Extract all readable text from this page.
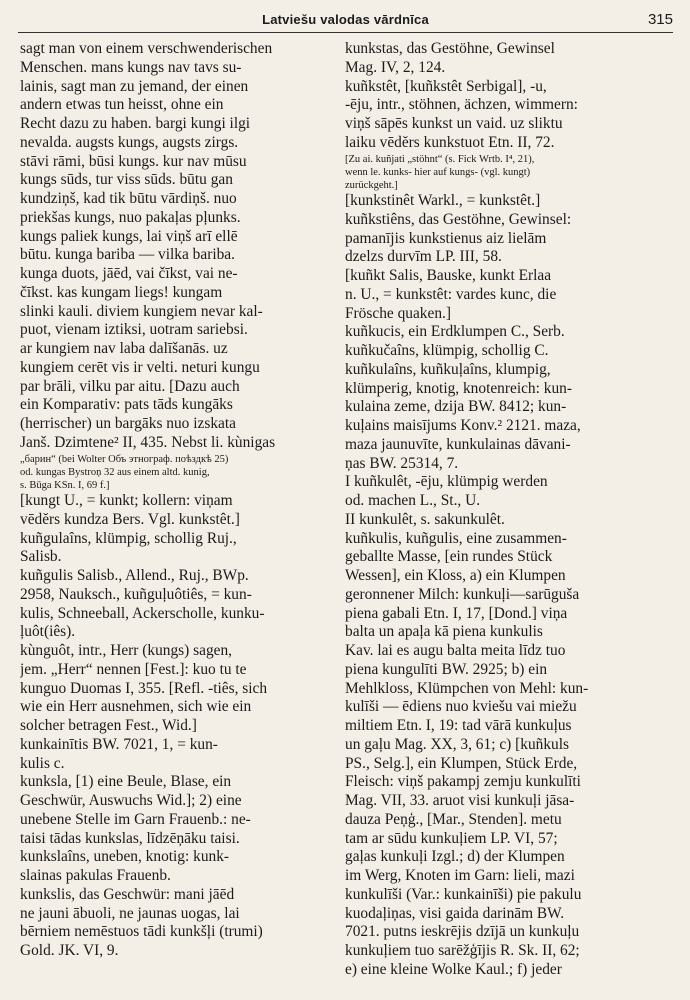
Latviešu valodas vārdnīca	315
sagt man von einem verschwenderischen
Menschen. mans kungs nav tavs su-
lainis, sagt man zu jemand, der einen
andern etwas tun heisst, ohne ein
Recht dazu zu haben. bargi kungi ilgi
nevalda. augsts kungs, augsts zirgs.
stāvi rāmi, būsi kungs. kur nav mūsu
kungs sūds, tur viss sūds. būtu gan
kundziņš, kad tik būtu vārdiņš. nuo
priekšas kungs, nuo pakaļas pļunks.
kungs paliek kungs, lai viņš arī ellē
būtu. kunga bariba — vilka bariba.
kunga duots, jāēd, vai čīkst, vai ne-
čīkst. kas kungam liegs! kungam
slinki kauli. diviem kungiem nevar kal-
puot, vienam iztiksi, uotram sariebsi.
ar kungiem nav laba dalīšanās. uz
kungiem cerēt vis ir velti. neturi kungu
par brāli, vilku par aitu. [Dazu auch
ein Komparativ: pats tāds kungāks
(herrischer) un bargāks nuo izskata
Janš. Dzimtene² II, 435. Nebst li. kùnigas
„барин“ (bei Wolter Объ этнограф. поѣздкѣ 25)
od. kungas Bystroņ 32 aus einem altd. kunig,
s. Būga KSn. I, 69 f.]
[kungt U., = kunkt; kollern: viņam
vēdĕrs kundza Bers. Vgl. kunkstêt.]
kuñgulaîns, klümpig, schollig Ruj.,
Salisb.
kuñgulis Salisb., Allend., Ruj., BWp.
2958, Nauksch., kuñguļuôtiês, = kun-
kulis, Schneeball, Ackerscholle, kunku-
ļuôt(iês).
kùnguôt, intr., Herr (kungs) sagen,
jem. „Herr“ nennen [Fest.]: kuo tu te
kunguo Duomas I, 355. [Refl. -tiês, sich
wie ein Herr ausnehmen, sich wie ein
solcher betragen Fest., Wid.]
kunkainītis BW. 7021, 1, = kun-
kulis c.
kunksla, [1) eine Beule, Blase, ein
Geschwür, Auswuchs Wid.]; 2) eine
unebene Stelle im Garn Frauenb.: ne-
taisi tādas kunkslas, līdzēņāku taisi.
kunkslaîns, uneben, knotig: kunk-
slainas pakulas Frauenb.
kunkslis, das Geschwür: mani jāēd
ne jauni ābuoli, ne jaunas uogas, lai
bērniem nemēstuos tādi kunkšļi (trumi)
Gold. JK. VI, 9.
kunkstas, das Gestöhne, Gewinsel
Mag. IV, 2, 124.
kuñkstêt, [kuñkstêt Serbigal], -u,
-ēju, intr., stöhnen, ächzen, wimmern:
viņš sāpēs kunkst un vaid. uz sliktu
laiku vēdĕrs kunkstuot Etn. II, 72.
[Zu ai. kuñjati „stöhnt“ (s. Fick Wrtb. I⁴, 21),
wenn le. kunks- hier auf kungs- (vgl. kungt)
zurückgeht.]
[kunkstinêt Warkl., = kunkstêt.]
kuñkstiêns, das Gestöhne, Gewinsel:
pamanījis kunkstienus aiz lielām
dzelzs durvīm LP. III, 58.
[kuñkt Salis, Bauske, kunkt Erlaa
n. U., = kunkstêt: vardes kunc, die
Frösche quaken.]
kuñkucis, ein Erdklumpen C., Serb.
kuñkučaîns, klümpig, schollig C.
kuñkulaîns, kuñkuļaîns, klumpig,
klümperig, knotig, knotenreich: kun-
kulaina zeme, dzija BW. 8412; kun-
kuļains maisījums Konv.² 2121. maza,
maza jaunuvīte, kunkulainas dāvani-
ņas BW. 25314, 7.
I kuñkulêt, -ēju, klümpig werden
od. machen L., St., U.
II kunkulêt, s. sakunkulêt.
kuñkulis, kuñgulis, eine zusammen-
geballte Masse, [ein rundes Stück
Wessen], ein Kloss, a) ein Klumpen
geronnener Milch: kunkuļi—sarūguša
piena gabali Etn. I, 17, [Dond.] viņa
balta un apaļa kā piena kunkulis
Kav. lai es augu balta meita līdz tuo
piena kungulīti BW. 2925; b) ein
Mehlkloss, Klümpchen von Mehl: kun-
kulīši — ēdiens nuo kviešu vai miežu
miltiem Etn. I, 19: tad vārā kunkuļus
un gaļu Mag. XX, 3, 61; c) [kuñkuls
PS., Selg.], ein Klumpen, Stück Erde,
Fleisch: viņš pakampj zemju kunkulīti
Mag. VII, 33. aruot visi kunkuļi jāsa-
dauza Peņģ., [Mar., Stenden]. metu
tam ar sūdu kunkuļiem LP. VI, 57;
gaļas kunkuļi Izgl.; d) der Klumpen
im Werg, Knoten im Garn: lieli, mazi
kunkulīši (Var.: kunkainīši) pie pakulu
kuodaļiņas, visi gaida darinām BW.
7021. putns ieskrējis dzījā un kunkuļu
kunkuļiem tuo sarēžģījis R. Sk. II, 62;
e) eine kleine Wolke Kaul.; f) jeder
